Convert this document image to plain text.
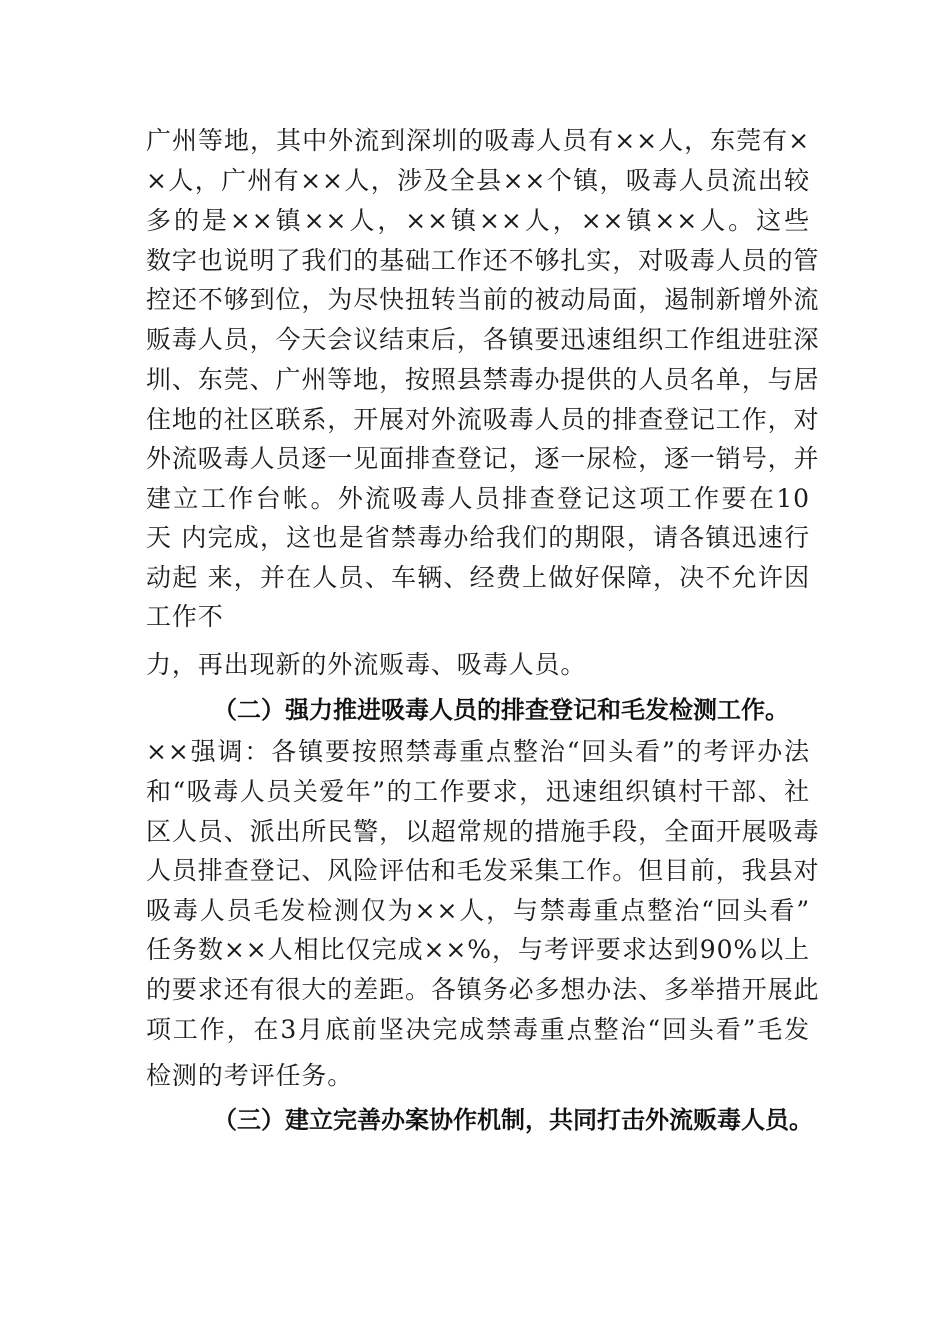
广州等地，其中外流到深圳的吸毒人员有××人，东莞有×
×人，广州有××人，涉及全县××个镇，吸毒人员流出较
多的是××镇××人，××镇××人，××镇××人。这些
数字也说明了我们的基础工作还不够扎实，对吸毒人员的管
控还不够到位，为尽快扭转当前的被动局面，遏制新增外流
贩毒人员，今天会议结束后，各镇要迅速组织工作组进驻深
圳、东莞、广州等地，按照县禁毒办提供的人员名单，与居
住地的社区联系，开展对外流吸毒人员的排查登记工作，对
外流吸毒人员逐一见面排查登记，逐一尿检，逐一销号，并
建立工作台帐。外流吸毒人员排查登记这项工作要在10
天 内完成，这也是省禁毒办给我们的期限，请各镇迅速行
动起 来，并在人员、车辆、经费上做好保障，决不允许因
工作不
力，再出现新的外流贩毒、吸毒人员。
（二）强力推进吸毒人员的排查登记和毛发检测工作。
××强调：各镇要按照禁毒重点整治“回头看”的考评办法
和“吸毒人员关爱年”的工作要求，迅速组织镇村干部、社
区人员、派出所民警，以超常规的措施手段，全面开展吸毒
人员排查登记、风险评估和毛发采集工作。但目前，我县对
吸毒人员毛发检测仅为××人，与禁毒重点整治“回头看”
任务数××人相比仅完成××%，与考评要求达到90%以上
的要求还有很大的差距。各镇务必多想办法、多举措开展此
项工作，在3月底前坚决完成禁毒重点整治“回头看”毛发
检测的考评任务。
（三）建立完善办案协作机制，共同打击外流贩毒人员。
